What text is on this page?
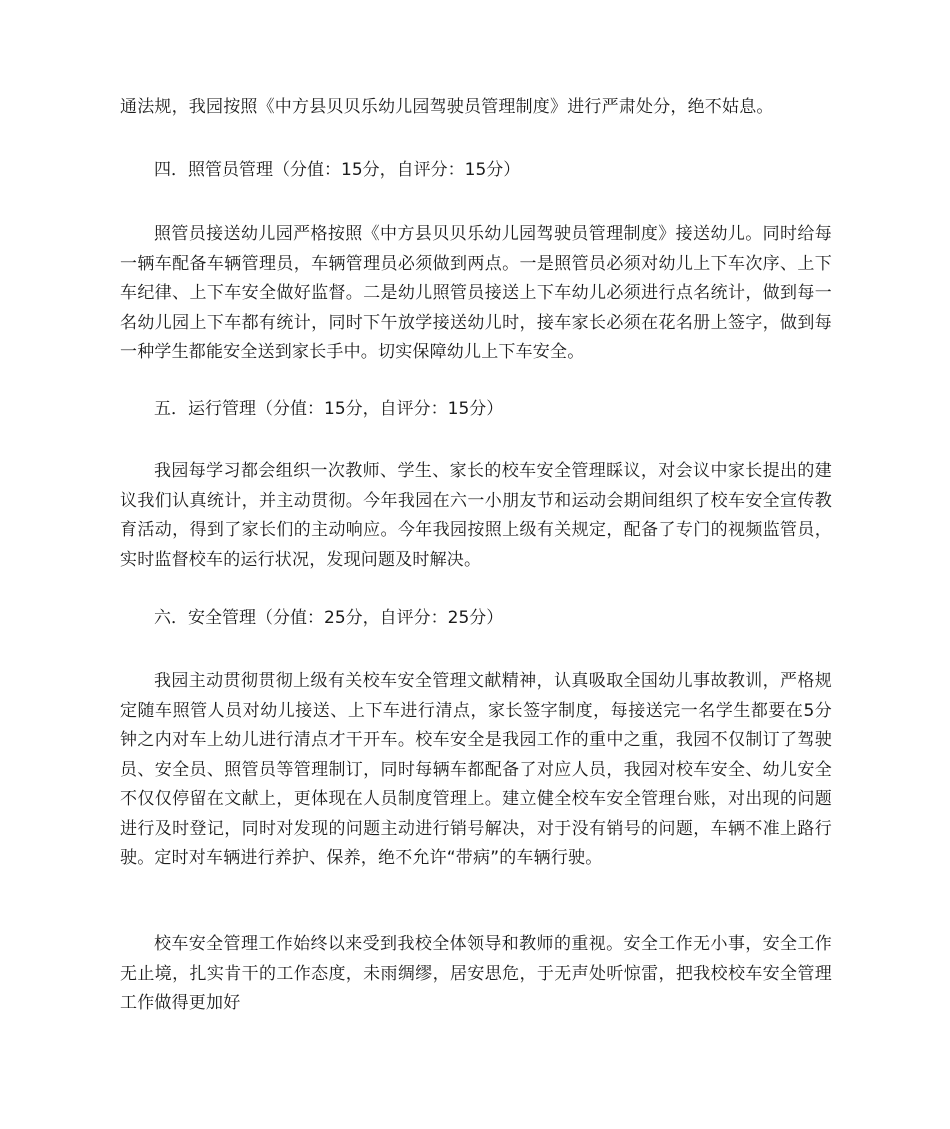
通法规，我园按照《中方县贝贝乐幼儿园驾驶员管理制度》进行严肃处分，绝不姑息。

四．照管员管理（分值：15分，自评分：15分）

照管员接送幼儿园严格按照《中方县贝贝乐幼儿园驾驶员管理制度》接送幼儿。同时给每一辆车配备车辆管理员，车辆管理员必须做到两点。一是照管员必须对幼儿上下车次序、上下车纪律、上下车安全做好监督。二是幼儿照管员接送上下车幼儿必须进行点名统计，做到每一名幼儿园上下车都有统计，同时下午放学接送幼儿时，接车家长必须在花名册上签字，做到每一种学生都能安全送到家长手中。切实保障幼儿上下车安全。

五．运行管理（分值：15分，自评分：15分）

我园每学习都会组织一次教师、学生、家长的校车安全管理睬议，对会议中家长提出的建议我们认真统计，并主动贯彻。今年我园在六一小朋友节和运动会期间组织了校车安全宣传教育活动，得到了家长们的主动响应。今年我园按照上级有关规定，配备了专门的视频监管员，实时监督校车的运行状况，发现问题及时解决。

六．安全管理（分值：25分，自评分：25分）

我园主动贯彻贯彻上级有关校车安全管理文献精神，认真吸取全国幼儿事故教训，严格规定随车照管人员对幼儿接送、上下车进行清点，家长签字制度，每接送完一名学生都要在5分钟之内对车上幼儿进行清点才干开车。校车安全是我园工作的重中之重，我园不仅制订了驾驶员、安全员、照管员等管理制订，同时每辆车都配备了对应人员，我园对校车安全、幼儿安全不仅仅停留在文献上，更体现在人员制度管理上。建立健全校车安全管理台账，对出现的问题进行及时登记，同时对发现的问题主动进行销号解决，对于没有销号的问题，车辆不准上路行驶。定时对车辆进行养护、保养，绝不允许“带病”的车辆行驶。

校车安全管理工作始终以来受到我校全体领导和教师的重视。安全工作无小事，安全工作无止境，扎实肯干的工作态度，未雨绸缪，居安思危，于无声处听惊雷，把我校校车安全管理工作做得更加好
